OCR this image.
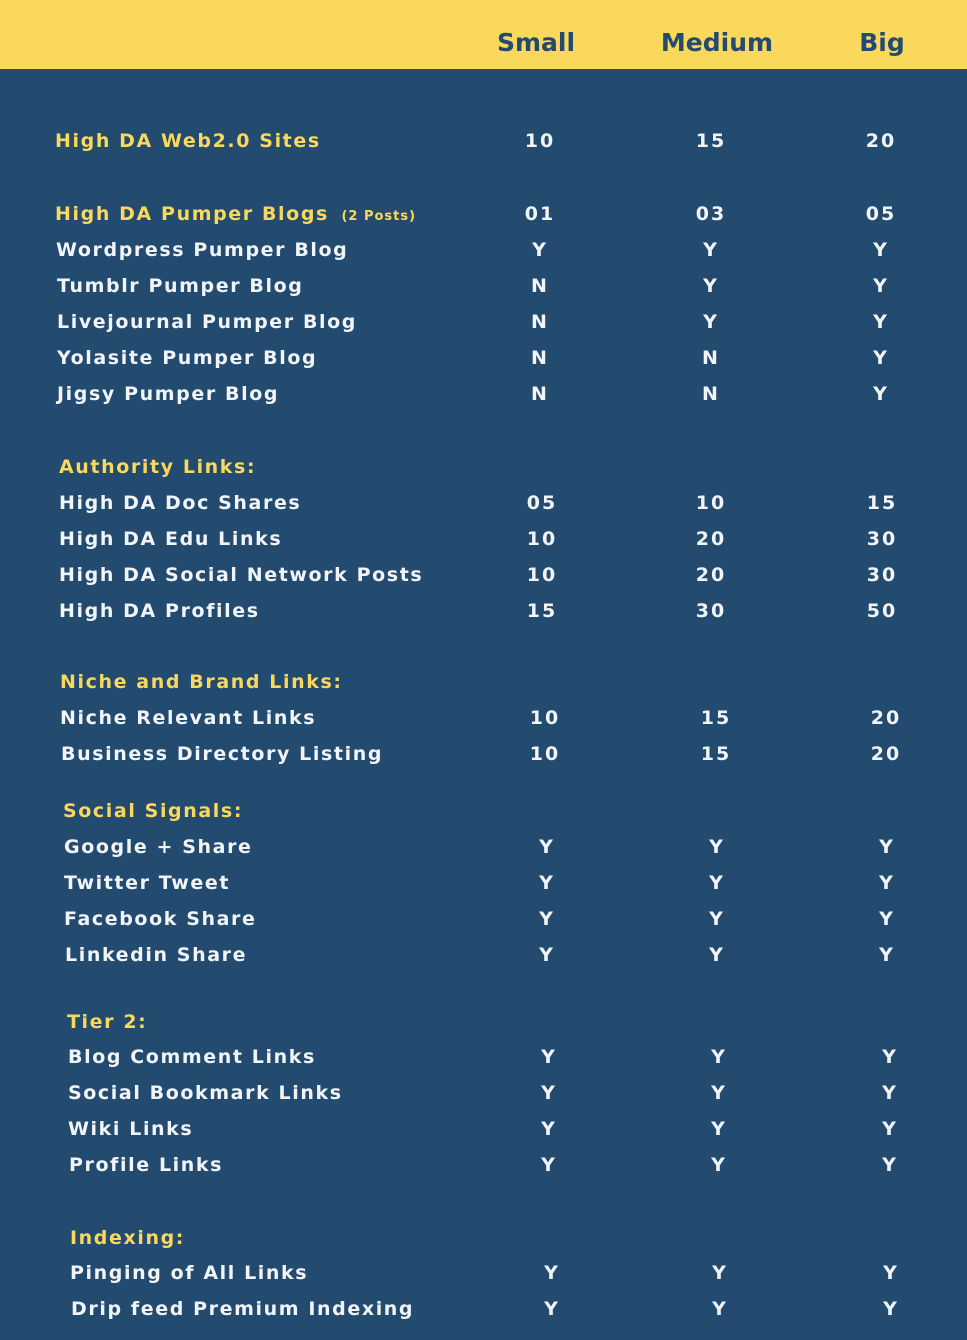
Small	Medium	Big
High DA Web2.0 Sites	10	15	20
High DA Pumper Blogs (2 Posts)	01	03	05
Wordpress Pumper Blog	Y	Y	Y
Tumblr Pumper Blog	N	Y	Y
Livejournal Pumper Blog	N	Y	Y
Yolasite Pumper Blog	N	N	Y
Jigsy Pumper Blog	N	N	Y
Authority Links:
High DA Doc Shares	05	10	15
High DA Edu Links	10	20	30
High DA Social Network Posts	10	20	30
High DA Profiles	15	30	50
Niche and Brand Links:
Niche Relevant Links	10	15	20
Business Directory Listing	10	15	20
Social Signals:
Google + Share	Y	Y	Y
Twitter Tweet	Y	Y	Y
Facebook Share	Y	Y	Y
Linkedin Share	Y	Y	Y
Tier 2:
Blog Comment Links	Y	Y	Y
Social Bookmark Links	Y	Y	Y
Wiki Links	Y	Y	Y
Profile Links	Y	Y	Y
Indexing:
Pinging of All Links	Y	Y	Y
Drip feed Premium Indexing	Y	Y	Y
